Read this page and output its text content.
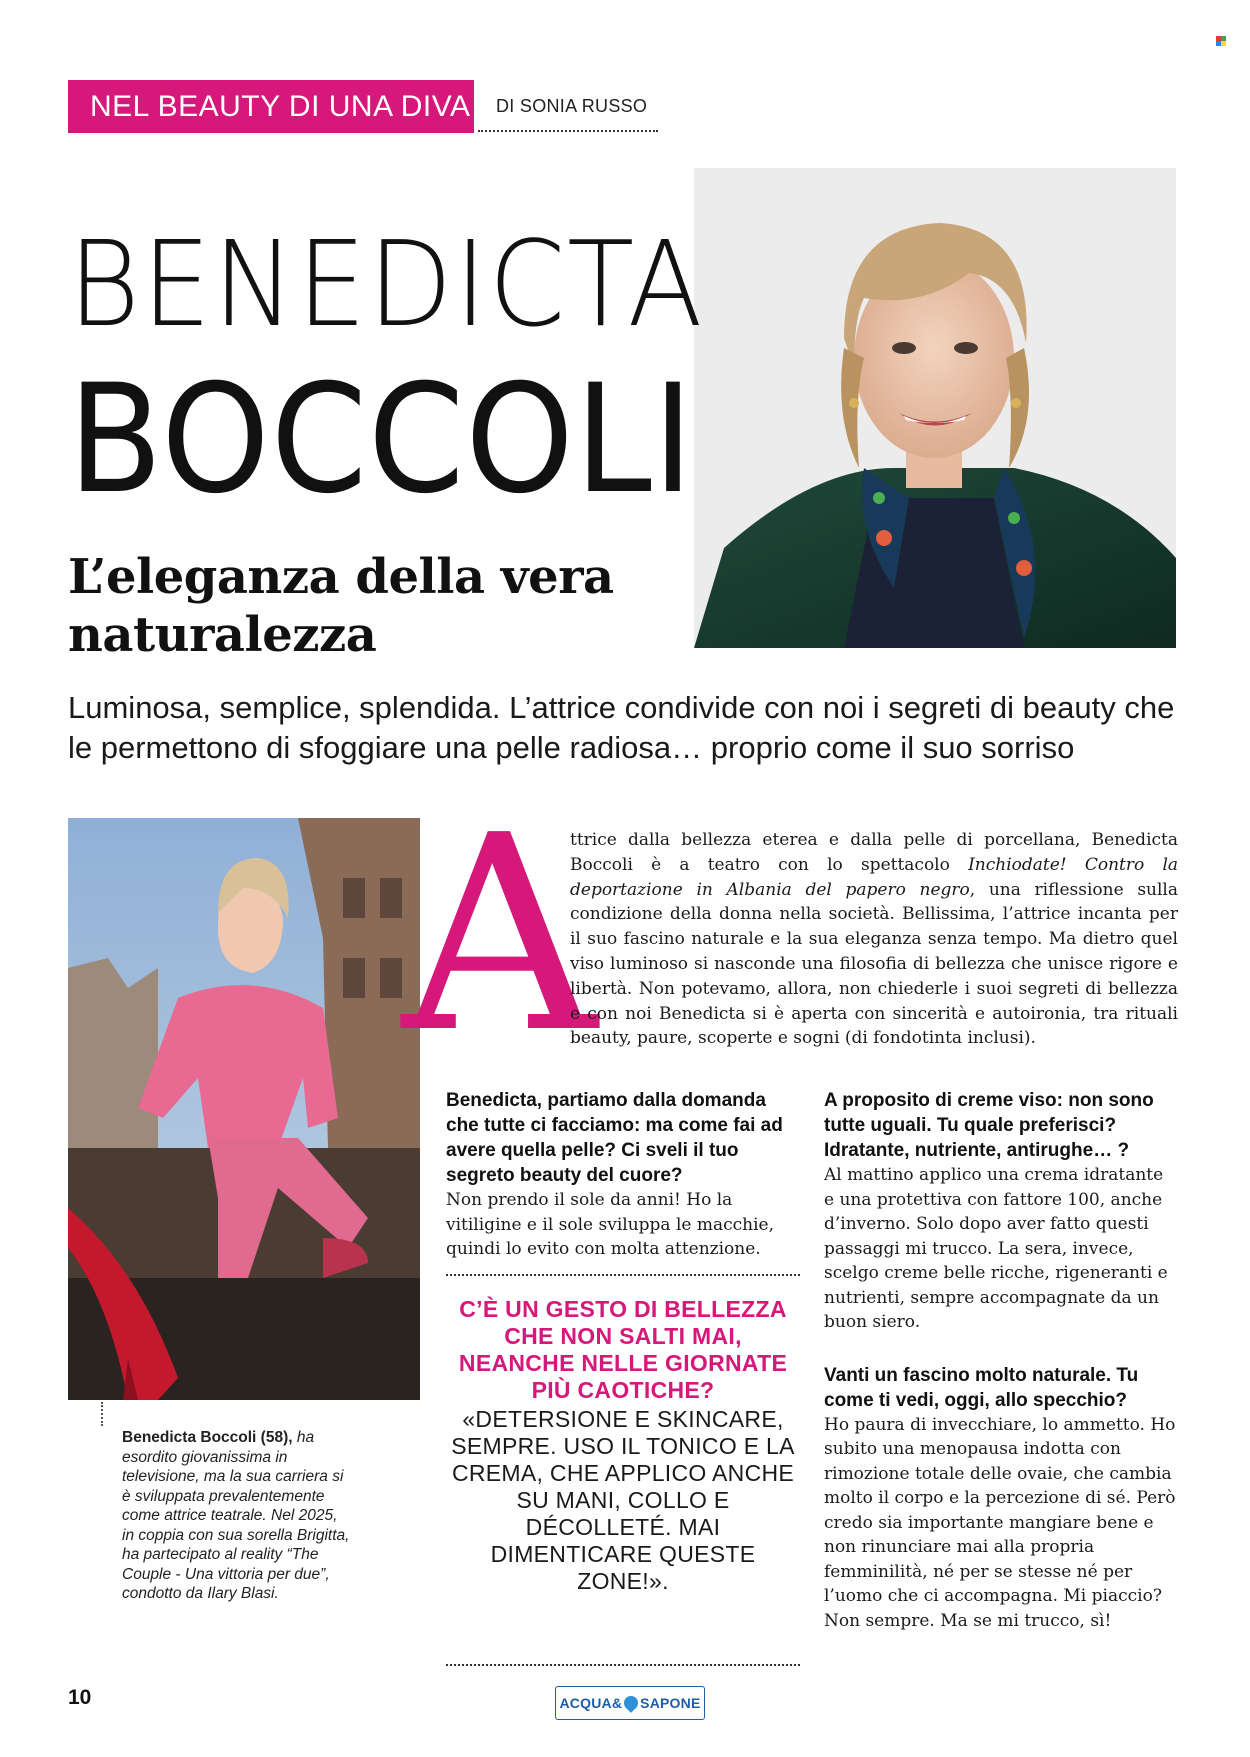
NEL BEAUTY DI UNA DIVA DI SONIA RUSSO
BENEDICTA
BOCCOLI
L’eleganza della vera naturalezza
Luminosa, semplice, splendida. L’attrice condivide con noi i segreti di beauty che le permettono di sfoggiare una pelle radiosa… proprio come il suo sorriso
Benedicta Boccoli (58), ha esordito giovanissima in televisione, ma la sua carriera si è sviluppata prevalentemente come attrice teatrale. Nel 2025, in coppia con sua sorella Brigitta, ha partecipato al reality “The Couple - Una vittoria per due”, condotto da Ilary Blasi.
A
ttrice dalla bellezza eterea e dalla pelle di porcellana, Benedicta Boccoli è a teatro con lo spettacolo Inchiodate! Contro la deportazione in Albania del papero negro, una riflessione sulla condizione della donna nella società. Bellissima, l’attrice incanta per il suo fascino naturale e la sua eleganza senza tempo. Ma dietro quel viso luminoso si nasconde una filosofia di bellezza che unisce rigore e libertà. Non potevamo, allora, non chiederle i suoi segreti di bellezza e con noi Benedicta si è aperta con sincerità e autoironia, tra rituali beauty, paure, scoperte e sogni (di fondotinta inclusi).

Benedicta, partiamo dalla domanda che tutte ci facciamo: ma come fai ad avere quella pelle? Ci sveli il tuo segreto beauty del cuore?

Non prendo il sole da anni! Ho la vitiligine e il sole sviluppa le macchie, quindi lo evito con molta attenzione.

C’È UN GESTO DI BELLEZZA CHE NON SALTI MAI, NEANCHE NELLE GIORNATE PIÙ CAOTICHE?
«DETERSIONE E SKINCARE, SEMPRE. USO IL TONICO E LA CREMA, CHE APPLICO ANCHE SU MANI, COLLO E DÉCOLLETÉ. MAI DIMENTICARE QUESTE ZONE!».

A proposito di creme viso: non sono tutte uguali. Tu quale preferisci? Idratante, nutriente, antirughe… ?

Al mattino applico una crema idratante e una protettiva con fattore 100, anche d’inverno. Solo dopo aver fatto questi passaggi mi trucco. La sera, invece, scelgo creme belle ricche, rigeneranti e nutrienti, sempre accompagnate da un buon siero.

Vanti un fascino molto naturale. Tu come ti vedi, oggi, allo specchio?

Ho paura di invecchiare, lo ammetto. Ho subito una menopausa indotta con rimozione totale delle ovaie, che cambia molto il corpo e la percezione di sé. Però credo sia importante mangiare bene e non rinunciare mai alla propria femminilità, né per se stesse né per l’uomo che ci accompagna. Mi piaccio? Non sempre. Ma se mi trucco, sì!

10	ACQUA& SAPONE
